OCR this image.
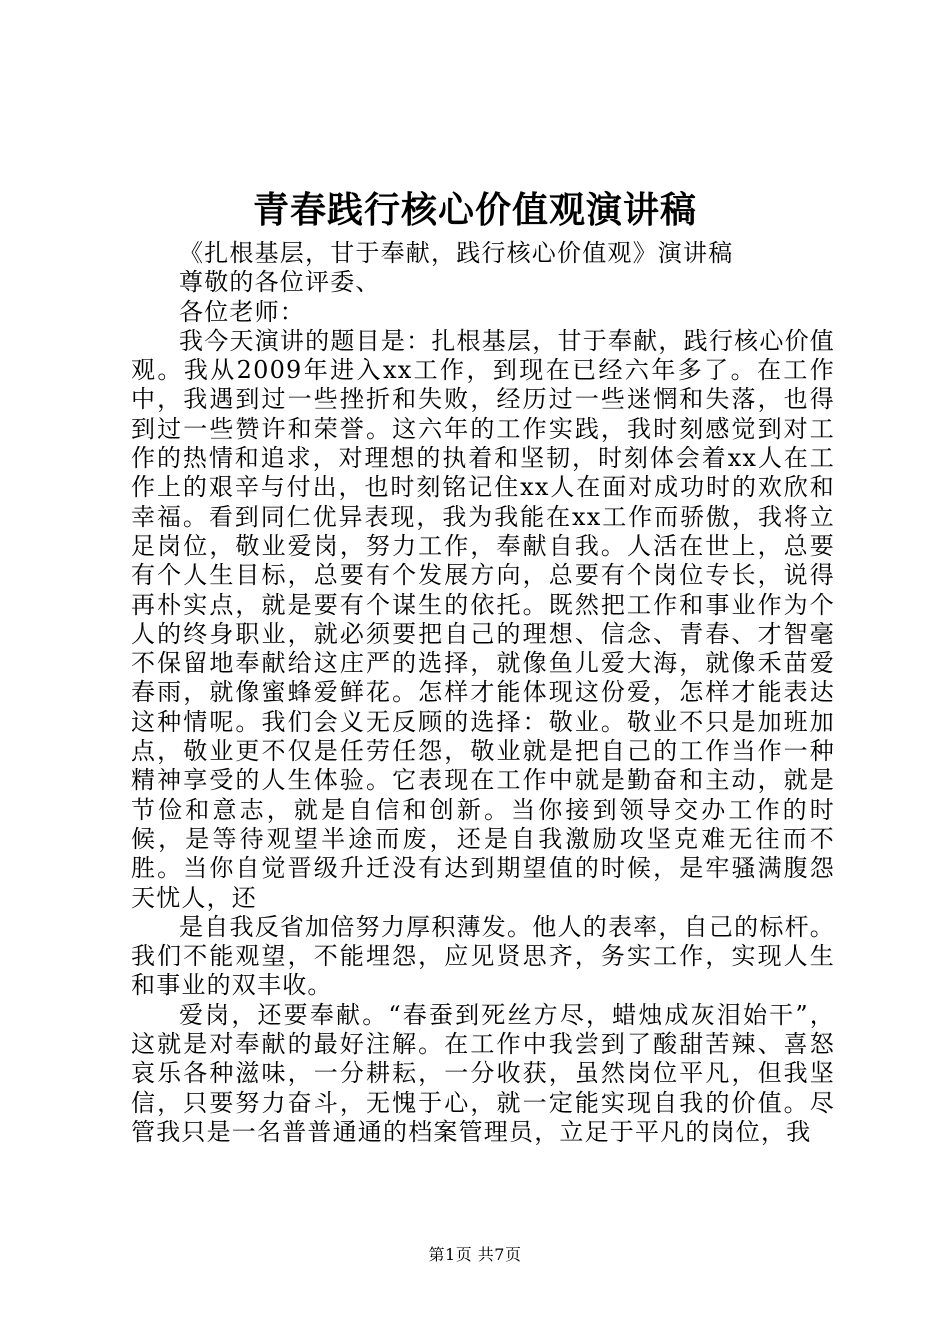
青春践行核心价值观演讲稿

《扎根基层，甘于奉献，践行核心价值观》演讲稿

尊敬的各位评委、

各位老师：

我今天演讲的题目是：扎根基层，甘于奉献，践行核心价值观。我从2009年进入xx工作，到现在已经六年多了。在工作中，我遇到过一些挫折和失败，经历过一些迷惘和失落，也得到过一些赞许和荣誉。这六年的工作实践，我时刻感觉到对工作的热情和追求，对理想的执着和坚韧，时刻体会着xx人在工作上的艰辛与付出，也时刻铭记住xx人在面对成功时的欢欣和幸福。看到同仁优异表现，我为我能在xx工作而骄傲，我将立足岗位，敬业爱岗，努力工作，奉献自我。人活在世上，总要有个人生目标，总要有个发展方向，总要有个岗位专长，说得再朴实点，就是要有个谋生的依托。既然把工作和事业作为个人的终身职业，就必须要把自己的理想、信念、青春、才智毫不保留地奉献给这庄严的选择，就像鱼儿爱大海，就像禾苗爱春雨，就像蜜蜂爱鲜花。怎样才能体现这份爱，怎样才能表达这种情呢。我们会义无反顾的选择：敬业。敬业不只是加班加点，敬业更不仅是任劳任怨，敬业就是把自己的工作当作一种精神享受的人生体验。它表现在工作中就是勤奋和主动，就是节俭和意志，就是自信和创新。当你接到领导交办工作的时候，是等待观望半途而废，还是自我激励攻坚克难无往而不胜。当你自觉晋级升迁没有达到期望值的时候，是牢骚满腹怨天忧人，还

是自我反省加倍努力厚积薄发。他人的表率，自己的标杆。我们不能观望，不能埋怨，应见贤思齐，务实工作，实现人生和事业的双丰收。

爱岗，还要奉献。“春蚕到死丝方尽，蜡烛成灰泪始干”，这就是对奉献的最好注解。在工作中我尝到了酸甜苦辣、喜怒哀乐各种滋味，一分耕耘，一分收获，虽然岗位平凡，但我坚信，只要努力奋斗，无愧于心，就一定能实现自我的价值。尽管我只是一名普普通通的档案管理员，立足于平凡的岗位，我

第1页 共7页
